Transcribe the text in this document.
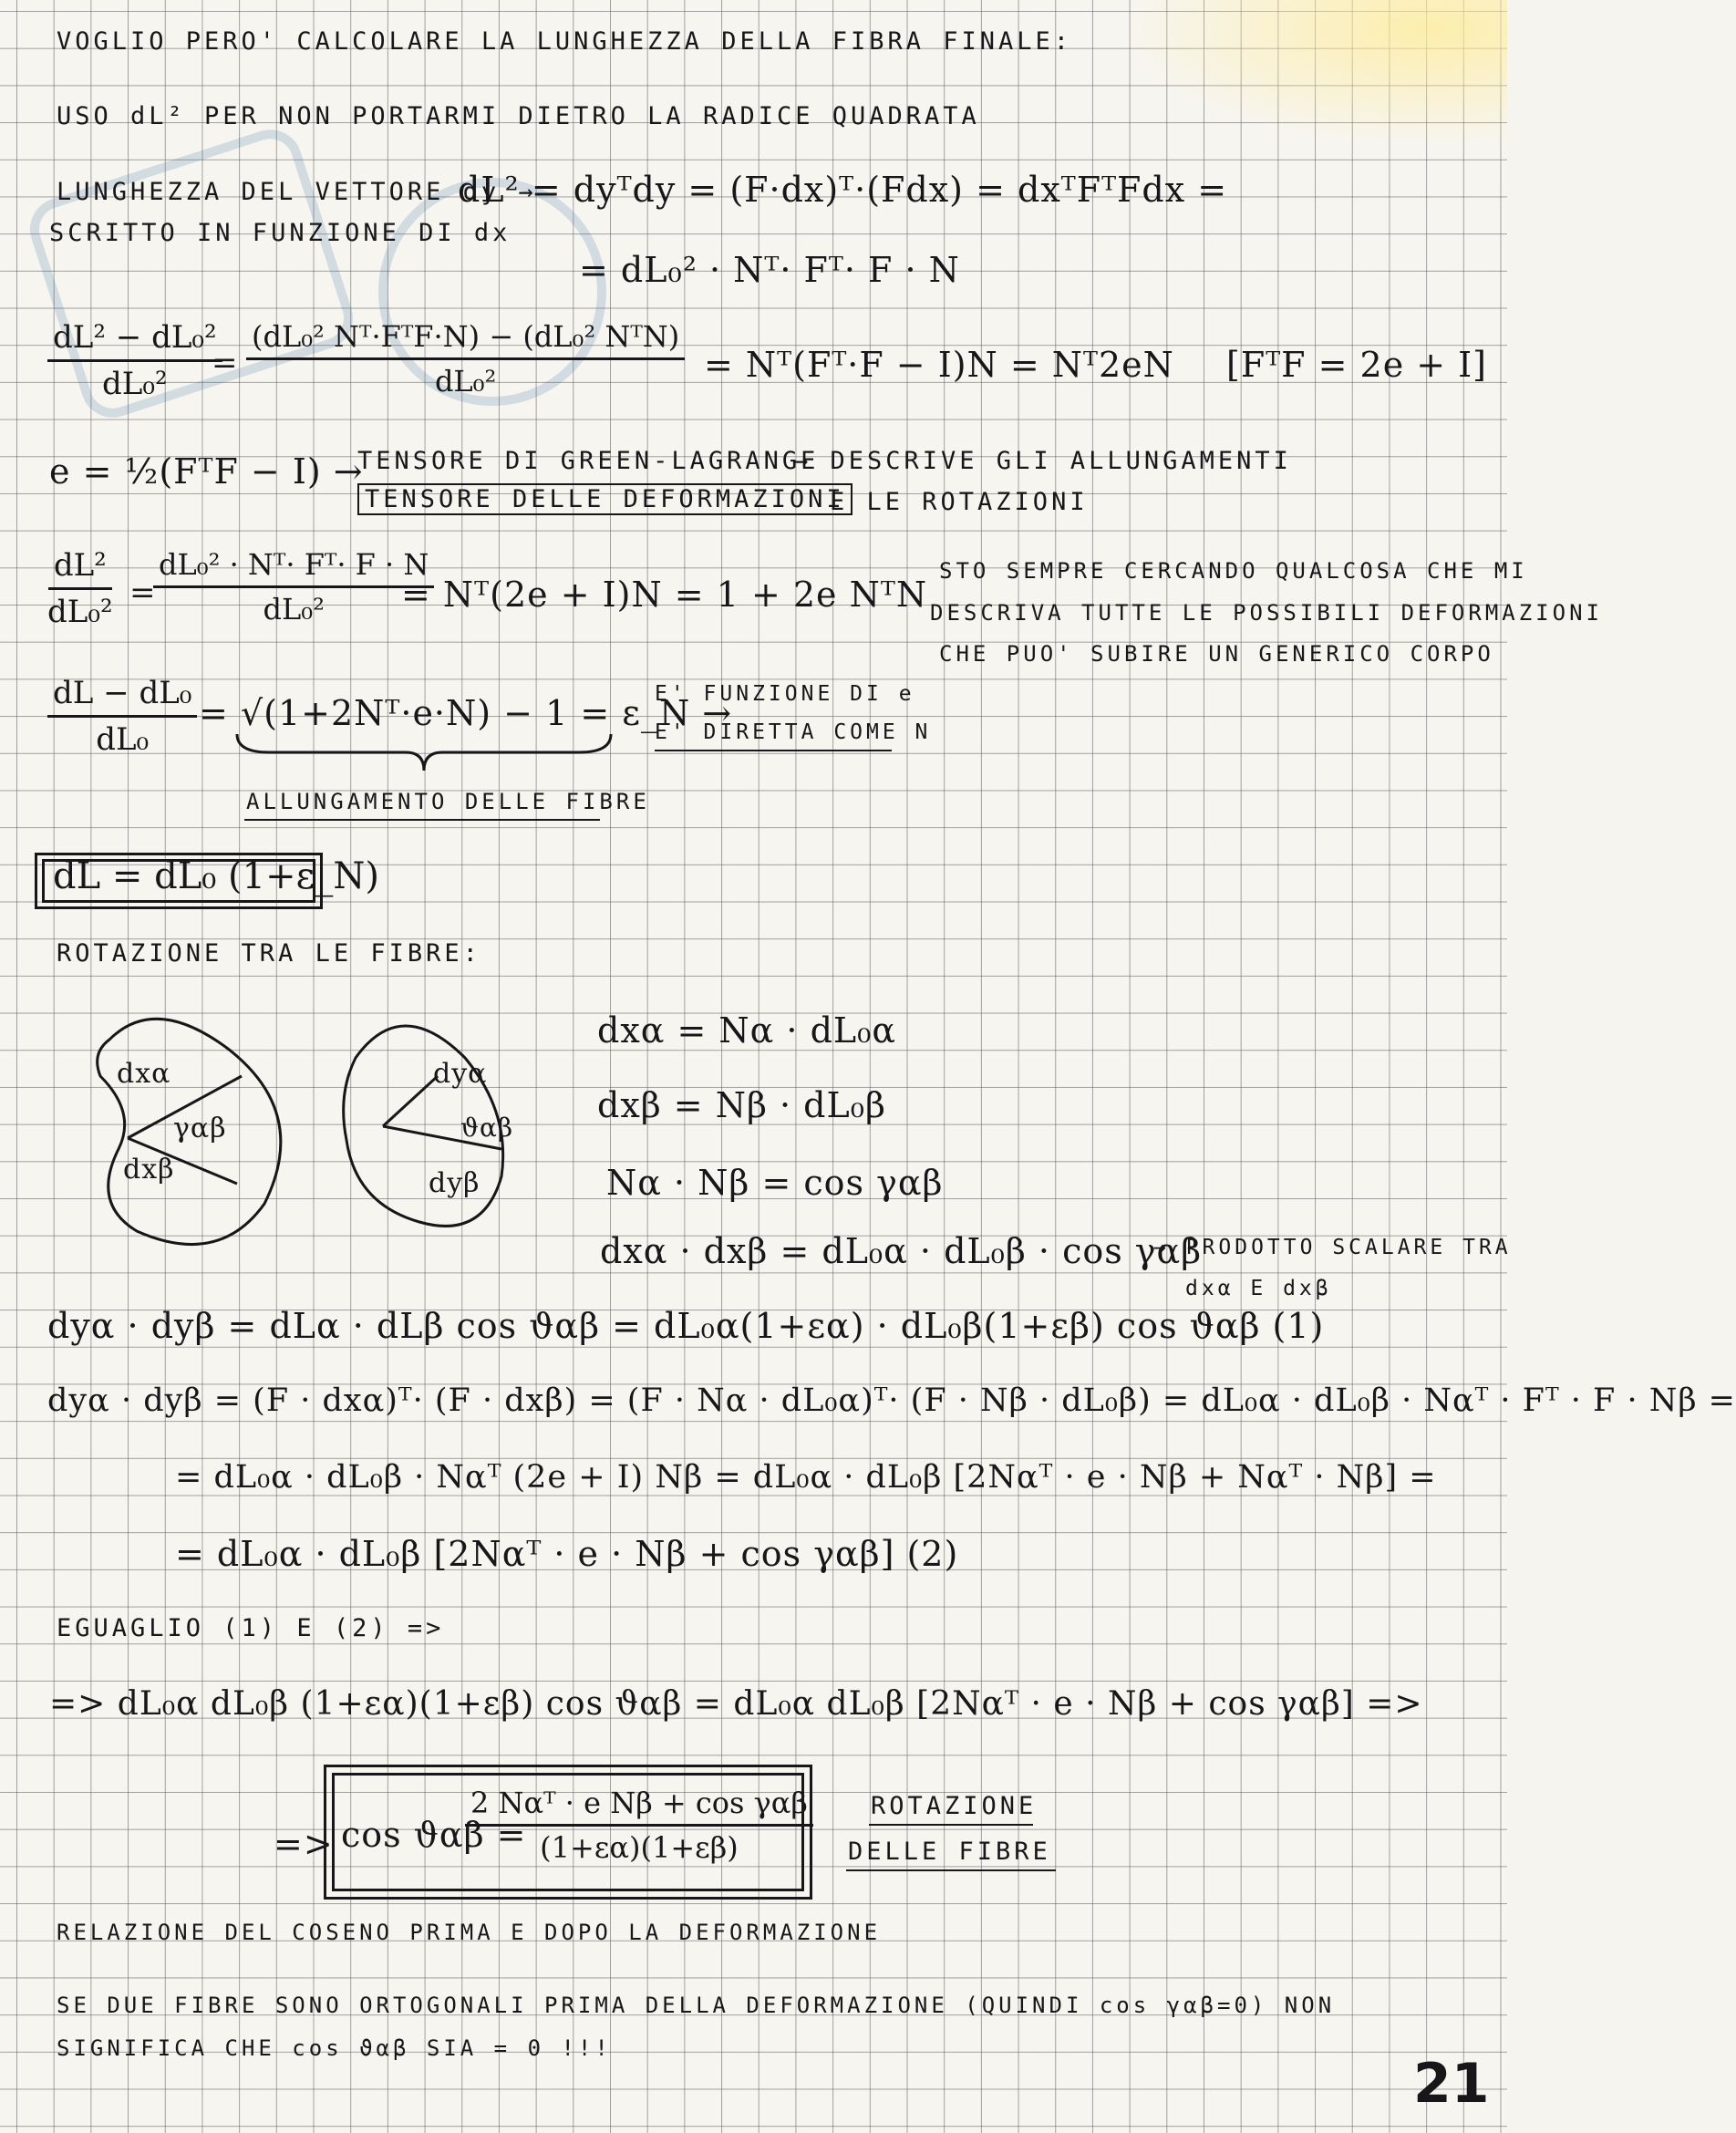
VOGLIO PERO' CALCOLARE LA LUNGHEZZA DELLA FIBRA FINALE:
USO dL² PER NON PORTARMI DIETRO LA RADICE QUADRATA
LUNGHEZZA DEL VETTORE dy →
dL² = dyᵀdy = (F·dx)ᵀ·(Fdx) = dxᵀFᵀFdx =
SCRITTO IN FUNZIONE DI dx
= dL₀² · Nᵀ· Fᵀ· F · N
$\frac{\text{dL² − dL₀²}}{\text{dL₀²}}$
=
(dL₀² Nᵀ·FᵀF·N) − (dL₀² NᵀN)
dL₀²	= Nᵀ(Fᵀ·F − I)N = Nᵀ2eN [FᵀF = 2e + I]
e = ½(FᵀF − I) →
TENSORE DI GREEN-LAGRANGE
TENSORE DELLE DEFORMAZIONI
→ DESCRIVE GLI ALLUNGAMENTI
E LE ROTAZIONI
$\frac{\text{dL²}}{\text{dL₀²}}$ =
$\frac{\text{dL₀² · Nᵀ· Fᵀ· F · N}}{\text{dL₀²}}$
= Nᵀ(2e + I)N = 1 + 2e NᵀN
STO SEMPRE CERCANDO QUALCOSA CHE MI
DESCRIVA TUTTE LE POSSIBILI DEFORMAZIONI
CHE PUO' SUBIRE UN GENERICO CORPO
$\frac{\text{dL − dL₀}}{\text{dL₀}}$ = √(1+2Nᵀ·e·N) − 1 = ε_N →
E' FUNZIONE DI e
E' DIRETTA COME N
ALLUNGAMENTO DELLE FIBRE
dL = dL₀ (1+ε_N)
ROTAZIONE TRA LE FIBRE:
dxα
γαβ
dxβ
dyα
ϑαβ
dyβ
dxα = Nα · dL₀α
dxβ = Nβ · dL₀β
Nα · Nβ = cos γαβ
dxα · dxβ = dL₀α · dL₀β · cos γαβ
→ PRODOTTO SCALARE TRA
dxα E dxβ
dyα · dyβ = dLα · dLβ cos ϑαβ = dL₀α(1+εα) · dL₀β(1+εβ) cos ϑαβ (1)
dyα · dyβ = (F · dxα)ᵀ· (F · dxβ) = (F · Nα · dL₀α)ᵀ· (F · Nβ · dL₀β) = dL₀α · dL₀β · Nαᵀ · Fᵀ · F · Nβ =
= dL₀α · dL₀β · Nαᵀ (2e + I) Nβ = dL₀α · dL₀β [2Nαᵀ · e · Nβ + Nαᵀ · Nβ] =
= dL₀α · dL₀β [2Nαᵀ · e · Nβ + cos γαβ] (2)
EGUAGLIO (1) E (2) =>
=> dL₀α dL₀β (1+εα)(1+εβ) cos ϑαβ = dL₀α dL₀β [2Nαᵀ · e · Nβ + cos γαβ] =>
=> cos ϑαβ =
2 Nαᵀ · e Nβ + cos γαβ
(1+εα)(1+εβ)
ROTAZIONE
DELLE FIBRE
RELAZIONE DEL COSENO PRIMA E DOPO LA DEFORMAZIONE
SE DUE FIBRE SONO ORTOGONALI PRIMA DELLA DEFORMAZIONE (QUINDI cos γαβ=0) NON
SIGNIFICA CHE cos ϑαβ SIA = 0 !!!
21
